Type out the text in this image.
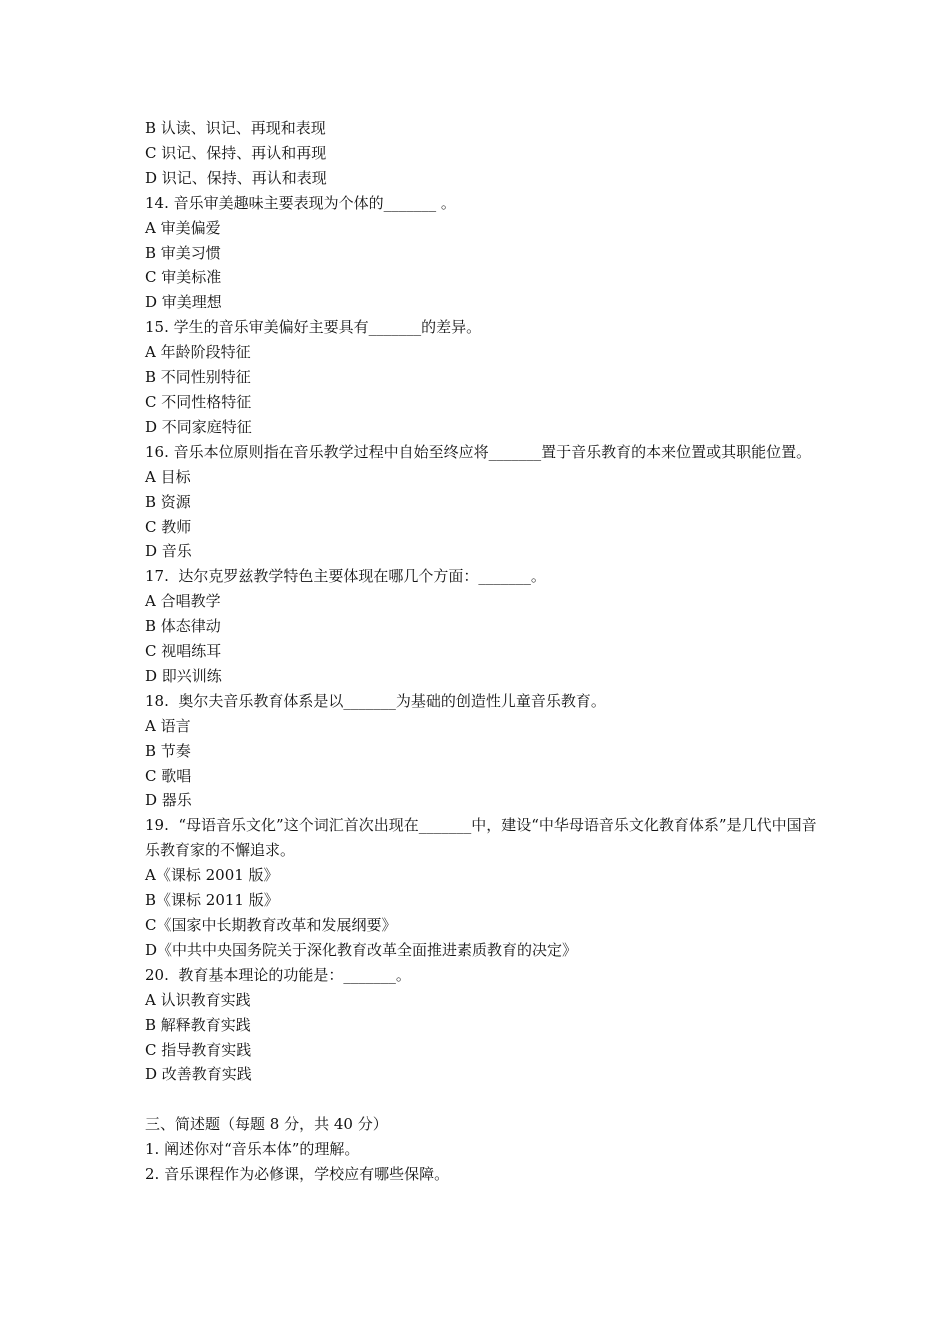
B 认读、识记、再现和表现

C 识记、保持、再认和再现

D 识记、保持、再认和表现

14. 音乐审美趣味主要表现为个体的_______ 。

A 审美偏爱

B 审美习惯

C 审美标准

D 审美理想

15. 学生的音乐审美偏好主要具有_______的差异。

A 年龄阶段特征

B 不同性别特征

C 不同性格特征

D 不同家庭特征

16. 音乐本位原则指在音乐教学过程中自始至终应将_______置于音乐教育的本来位置或其职能位置。

A 目标

B 资源

C 教师

D 音乐

17.  达尔克罗兹教学特色主要体现在哪几个方面：_______。

A 合唱教学

B 体态律动

C 视唱练耳

D 即兴训练

18.  奥尔夫音乐教育体系是以_______为基础的创造性儿童音乐教育。

A 语言

B 节奏

C 歌唱

D 器乐

19.  “母语音乐文化”这个词汇首次出现在_______中，建设“中华母语音乐文化教育体系”是几代中国音乐教育家的不懈追求。

A《课标 2001 版》

B《课标 2011 版》

C《国家中长期教育改革和发展纲要》

D《中共中央国务院关于深化教育改革全面推进素质教育的决定》

20.  教育基本理论的功能是：_______。

A 认识教育实践

B 解释教育实践

C 指导教育实践

D 改善教育实践

三、简述题（每题 8 分，共 40 分）

1. 阐述你对“音乐本体”的理解。

2. 音乐课程作为必修课，学校应有哪些保障。
